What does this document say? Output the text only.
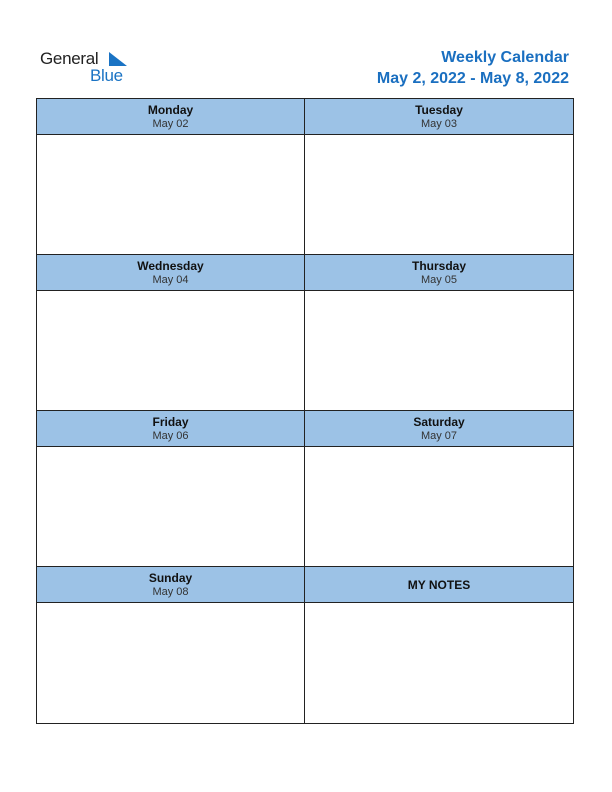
General
Blue
Weekly Calendar
May 2, 2022 - May 8, 2022
Monday
May 02
Tuesday
May 03
Wednesday
May 04
Thursday
May 05
Friday
May 06
Saturday
May 07
Sunday
May 08	MY NOTES
